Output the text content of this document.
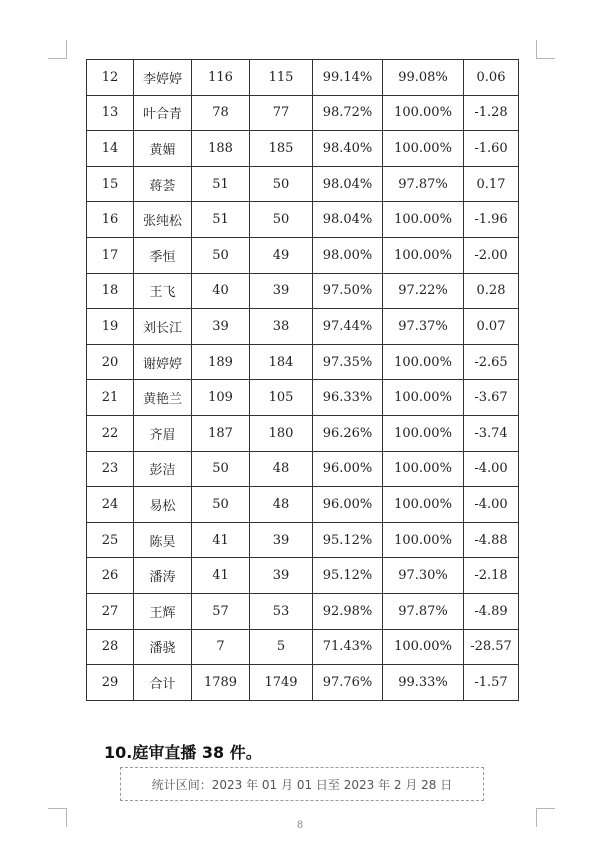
12	李婷婷	116	115	99.14%	99.08%	0.06
13	叶合青	78	77	98.72%	100.00%	-1.28
14	黄媚	188	185	98.40%	100.00%	-1.60
15	蒋荟	51	50	98.04%	97.87%	0.17
16	张纯松	51	50	98.04%	100.00%	-1.96
17	季恒	50	49	98.00%	100.00%	-2.00
18	王飞	40	39	97.50%	97.22%	0.28
19	刘长江	39	38	97.44%	97.37%	0.07
20	谢婷婷	189	184	97.35%	100.00%	-2.65
21	黄艳兰	109	105	96.33%	100.00%	-3.67
22	齐眉	187	180	96.26%	100.00%	-3.74
23	彭洁	50	48	96.00%	100.00%	-4.00
24	易松	50	48	96.00%	100.00%	-4.00
25	陈昊	41	39	95.12%	100.00%	-4.88
26	潘涛	41	39	95.12%	97.30%	-2.18
27	王辉	57	53	92.98%	97.87%	-4.89
28	潘骁	7	5	71.43%	100.00%	-28.57
29	合计	1789	1749	97.76%	99.33%	-1.57
10.庭审直播 38 件。
统计区间：2023 年 01 月 01 日至 2023 年 2 月 28 日
8
